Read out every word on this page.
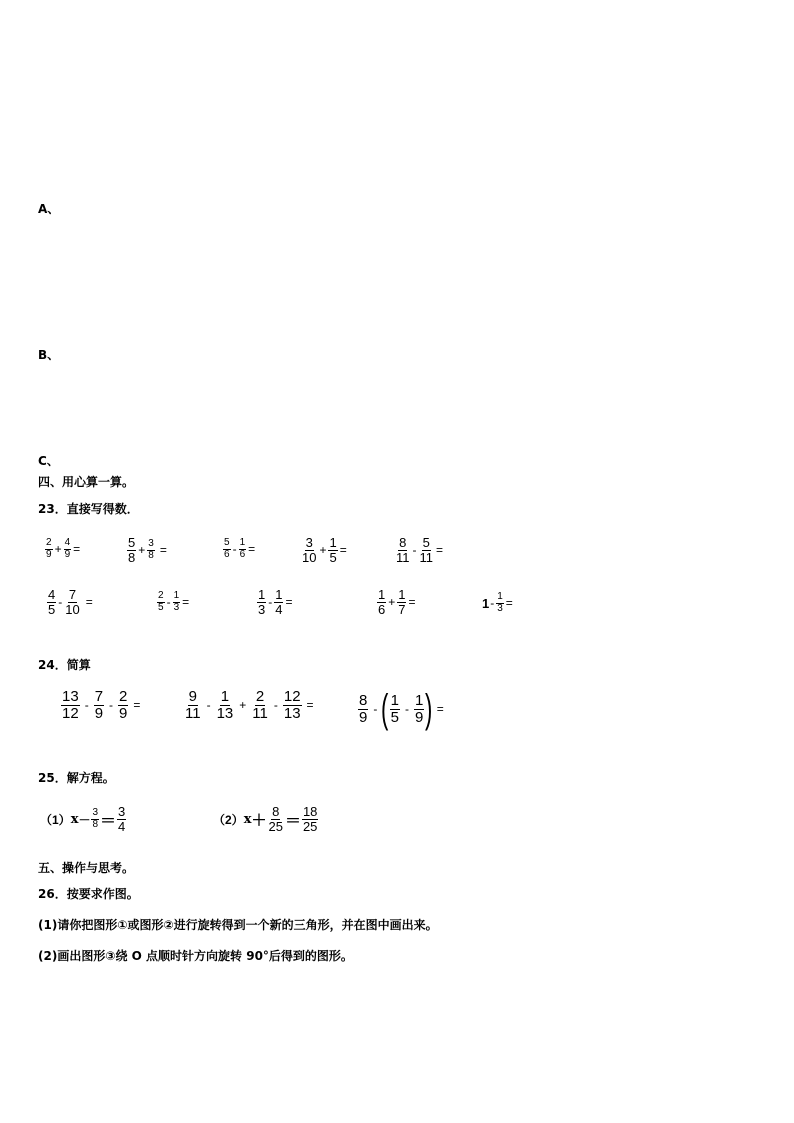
A、
B、
C、
四、用心算一算。
23．直接写得数．
$\frac{2}{9} + \frac{4}{9}$ =	$\frac{5}{8} + \frac{3}{8}$ =	$\frac{5}{6} - \frac{1}{6}$ =	$\frac{3}{10} + \frac{1}{5}$ =	$\frac{8}{11} - \frac{5}{11}$ =
$\frac{4}{5} - \frac{7}{10}$ =	$\frac{2}{5} - \frac{1}{3}$ =	$\frac{1}{3} - \frac{1}{4}$ =	$\frac{1}{6} + \frac{1}{7}$ =	$1 - \frac{1}{3}$ =
24．简算
$\frac{13}{12} - \frac{7}{9} - \frac{2}{9}$ =	$\frac{9}{11} - \frac{1}{13} + \frac{2}{11} - \frac{12}{13}$ =	$\frac{8}{9}$ - ( $\frac{1}{5} - \frac{1}{9}$ ) =
25．解方程。
（1） $x - \frac{3}{8} = \frac{3}{4}$	（2） $x + \frac{8}{25} = \frac{18}{25}$
五、操作与思考。
26．按要求作图。
(1)请你把图形①或图形②进行旋转得到一个新的三角形，并在图中画出来。
(2)画出图形③绕 O 点顺时针方向旋转 90°后得到的图形。
